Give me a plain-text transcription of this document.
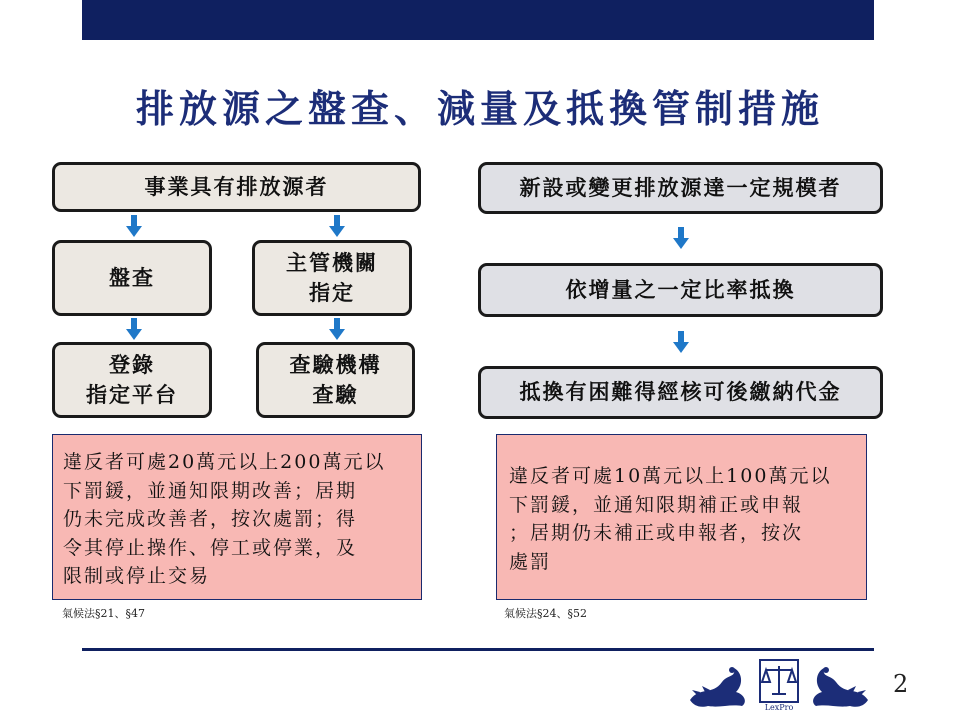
排放源之盤查、減量及抵換管制措施
事業具有排放源者
盤查
主管機關
指定
登錄
指定平台
查驗機構
查驗
違反者可處20萬元以上200萬元以
下罰鍰，並通知限期改善；居期
仍未完成改善者，按次處罰；得
令其停止操作、停工或停業，及
限制或停止交易
氣候法§21、§47
新設或變更排放源達一定規模者
依增量之一定比率抵換
抵換有困難得經核可後繳納代金
違反者可處10萬元以上100萬元以
下罰鍰，並通知限期補正或申報
；居期仍未補正或申報者，按次
處罰
氣候法§24、§52
LexPro
2
